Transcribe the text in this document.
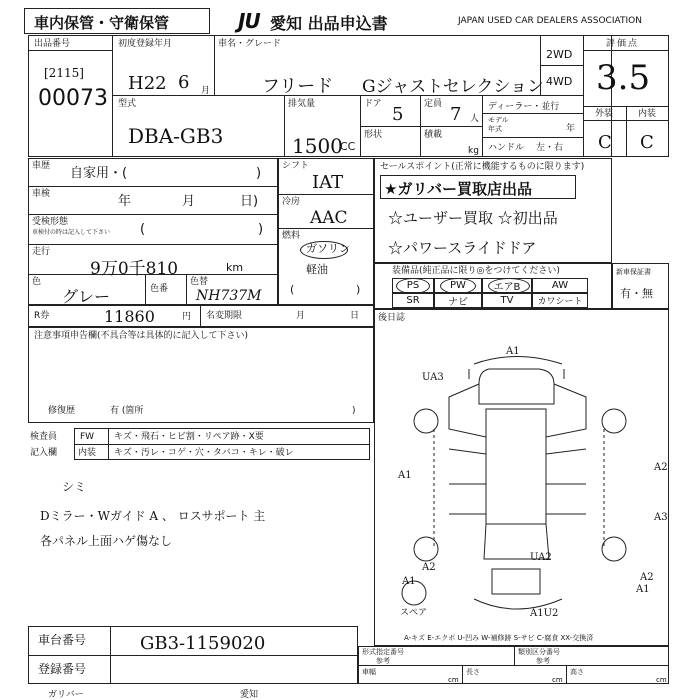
車内保管・守衛保管	JU 愛知 出品申込書	JAPAN USED CAR DEALERS ASSOCIATION
出品番号
[2115]
00073
初度登録年月
H22 6 月
車名・グレード
フリード Gジャストセレクション
2WD
4WD
評価点
3.5
外装	内装
C C
型式
DBA-GB3
排気量
1500
CC
ドア 5 定員 7 人
形状	積載
kg
ディーラー・並行
モデル
年式	年
ハンドル 左・右
車歴 自家用・(	)
車検	年	月	日)
受検形態
車検付の時は記入して下さい (	)
走行
9万0千810	km
色
グレー	色番
色替
NH737M
シフト
IAT
冷房
AAC
燃料
ガソリン
軽油
(	)
セールスポイント(正常に機能するものに限ります)
★ガリバー買取店出品
☆ユーザー買取 ☆初出品
☆パワースライドドア
装備品(純正品に限り◎をつけてください)
PS	PW	エアB	AW
SR	ナビ	TV	カワシート
新車保証書
有・無
R券	11860	円 名変期限	月	日
注意事項申告欄(不具合等は具体的に記入して下さい)
修復歴	有 (箇所	)
検査員
記入欄
FW キズ・飛石・ヒビ割・リペア跡・X要
内装 キズ・汚レ・コゲ・穴・タバコ・キレ・破レ
シミ
Dミラー・Wガイド A 、 ロスサポート 主
各パネル上面ハゲ傷なし
後日誌
A1
UA3
A2
A3
A1
UA2
A2
A1
A2
A1
A1U2
スペア
A-キズ E-エクボ U-凹み W-補修跡 S-サビ C-腐食 XX-交換済
車台番号	GB3-1159020
登録番号
形式指定番号
参考
類別区分番号
参考
車幅	長さ	高さ
cm	cm	cm
ガリバー	愛知
